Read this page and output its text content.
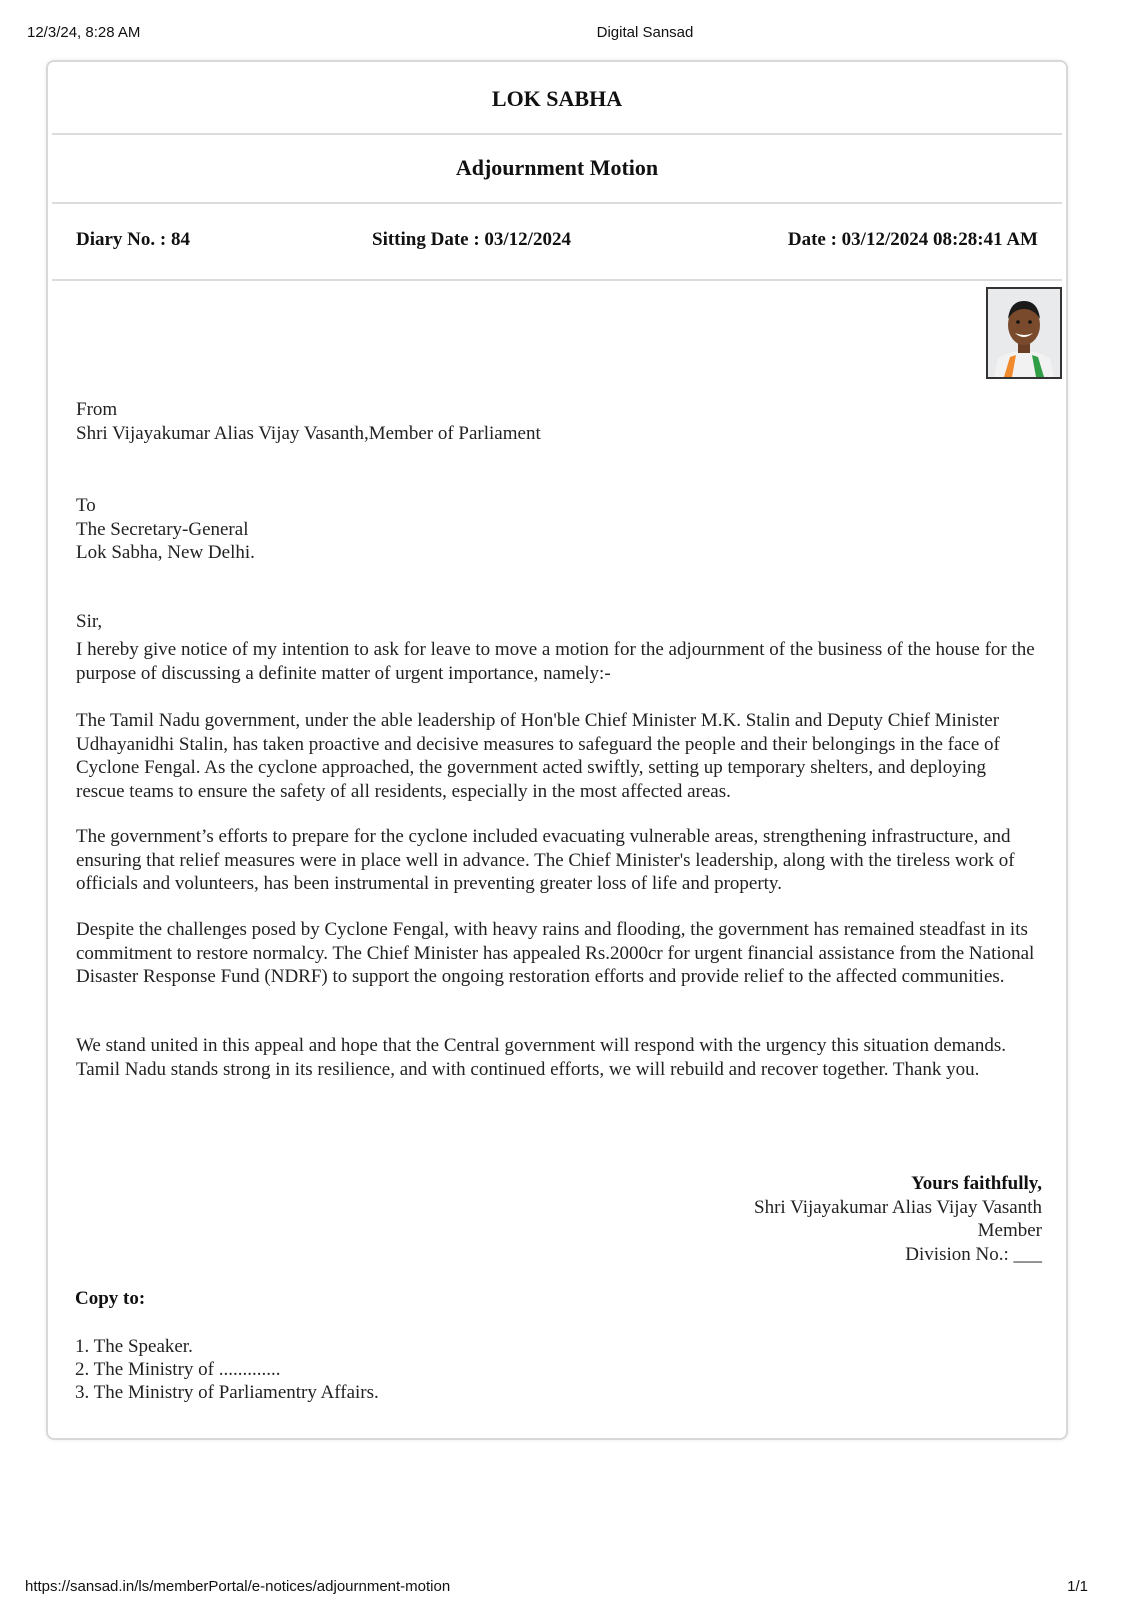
12/3/24, 8:28 AM	Digital Sansad
LOK SABHA
Adjournment Motion
Diary No. : 84	Sitting Date : 03/12/2024	Date : 03/12/2024 08:28:41 AM
From
Shri Vijayakumar Alias Vijay Vasanth,Member of Parliament
To
The Secretary-General
Lok Sabha, New Delhi.
Sir,
I hereby give notice of my intention to ask for leave to move a motion for the adjournment of the business of the house for the purpose of discussing a definite matter of urgent importance, namely:-
The Tamil Nadu government, under the able leadership of Hon'ble Chief Minister M.K. Stalin and Deputy Chief Minister Udhayanidhi Stalin, has taken proactive and decisive measures to safeguard the people and their belongings in the face of Cyclone Fengal. As the cyclone approached, the government acted swiftly, setting up temporary shelters, and deploying rescue teams to ensure the safety of all residents, especially in the most affected areas.
The government’s efforts to prepare for the cyclone included evacuating vulnerable areas, strengthening infrastructure, and ensuring that relief measures were in place well in advance. The Chief Minister's leadership, along with the tireless work of officials and volunteers, has been instrumental in preventing greater loss of life and property.
Despite the challenges posed by Cyclone Fengal, with heavy rains and flooding, the government has remained steadfast in its commitment to restore normalcy. The Chief Minister has appealed Rs.2000cr for urgent financial assistance from the National Disaster Response Fund (NDRF) to support the ongoing restoration efforts and provide relief to the affected communities.
We stand united in this appeal and hope that the Central government will respond with the urgency this situation demands. Tamil Nadu stands strong in its resilience, and with continued efforts, we will rebuild and recover together. Thank you.
Yours faithfully,
Shri Vijayakumar Alias Vijay Vasanth
Member
Division No.: ___
Copy to:
1. The Speaker.
2. The Ministry of .............
3. The Ministry of Parliamentry Affairs.
https://sansad.in/ls/memberPortal/e-notices/adjournment-motion	1/1
